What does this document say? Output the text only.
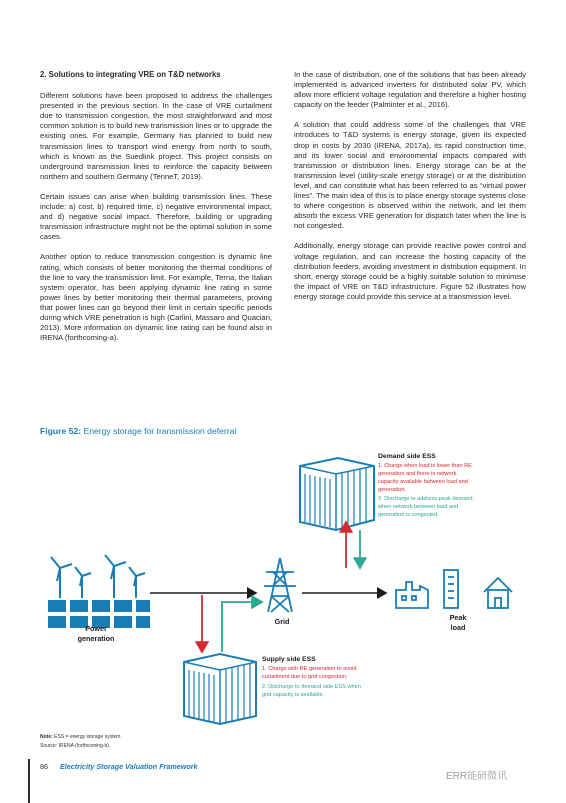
2. Solutions to integrating VRE on T&D networks

Different solutions have been proposed to address the challenges presented in the previous section. In the case of VRE curtailment due to transmission congestion, the most straightforward and most common solution is to build new transmission lines or to upgrade the existing ones. For example, Germany has planned to build new transmission lines to transport wind energy from north to south, which is known as the Suedlink project. This project consists on underground transmission lines to reinforce the capacity between northern and southern Germany (TenneT, 2019).

Certain issues can arise when building transmission lines. These include: a) cost, b) required time, c) negative environmental impact, and d) negative social impact. Therefore, building or upgrading transmission infrastructure might not be the optimal solution in some cases.

Another option to reduce transmission congestion is dynamic line rating, which consists of better monitoring the thermal conditions of the line to vary the transmission limit. For example, Terna, the Italian system operator, has been applying dynamic line rating in some power lines by better monitoring their thermal parameters, proving that power lines can go beyond their limit in certain specific periods during which VRE penetration is high (Carlini, Massaro and Quaciari, 2013). More information on dynamic line rating can be found also in IRENA (forthcoming-a).

In the case of distribution, one of the solutions that has been already implemented is advanced inverters for distributed solar PV, which allow more efficient voltage regulation and therefore a higher hosting capacity on the feeder (Palminter et al., 2016).

A solution that could address some of the challenges that VRE introduces to T&D systems is energy storage, given its expected drop in costs by 2030 (IRENA, 2017a), its rapid construction time, and its lower social and environmental impacts compared with transmission or distribution lines. Energy storage can be at the transmission level (utility-scale energy storage) or at the distribution level, and can constitute what has been referred to as “virtual power lines”. The main idea of this is to place energy storage systems close to where congestion is observed within the network, and let them absorb the excess VRE generation for dispatch later when the line is not congested.

Additionally, energy storage can provide reactive power control and voltage regulation, and can increase the hosting capacity of the distribution feeders, avoiding investment in distribution equipment. In short, energy storage could be a highly suitable solution to minimise the impact of VRE on T&D infrastructure. Figure 52 illustrates how energy storage could provide this service at a transmission level.

Figure 52: Energy storage for transmission deferral
Power
generation
Grid	Peak
load
Demand side ESS
1. Charge when load is lower than RE
generation and there is network
capacity available between load and
generation.
2. Discharge to address peak demand,
when network between load and
generation is congested.
Supply side ESS
1. Charge with RE generation to avoid
curtailment due to grid congestion.
2. Discharge to demand side ESS when
grid capacity is available.
Note: ESS = energy storage system.
Source: IRENA (forthcoming-b).
86 Electricity Storage Valuation Framework
ERR能研微讯
